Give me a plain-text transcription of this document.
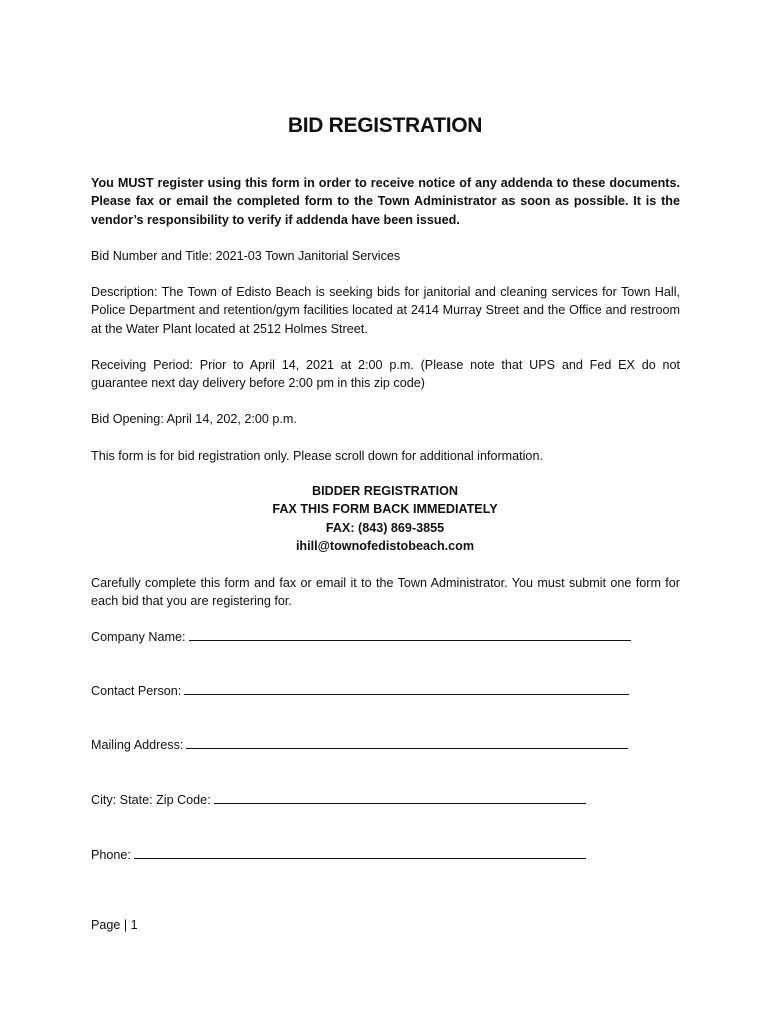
BID REGISTRATION
You MUST register using this form in order to receive notice of any addenda to these documents. Please fax or email the completed form to the Town Administrator as soon as possible. It is the vendor’s responsibility to verify if addenda have been issued.
Bid Number and Title: 2021-03 Town Janitorial Services
Description: The Town of Edisto Beach is seeking bids for janitorial and cleaning services for Town Hall, Police Department and retention/gym facilities located at 2414 Murray Street and the Office and restroom at the Water Plant located at 2512 Holmes Street.
Receiving Period: Prior to April 14, 2021 at 2:00 p.m. (Please note that UPS and Fed EX do not guarantee next day delivery before 2:00 pm in this zip code)
Bid Opening: April 14, 202, 2:00 p.m.
This form is for bid registration only. Please scroll down for additional information.
BIDDER REGISTRATION
FAX THIS FORM BACK IMMEDIATELY
FAX: (843) 869-3855
ihill@townofedistobeach.com
Carefully complete this form and fax or email it to the Town Administrator. You must submit one form for each bid that you are registering for.
Company Name:
Contact Person:
Mailing Address:
City: State: Zip Code:
Phone:
Page | 1
